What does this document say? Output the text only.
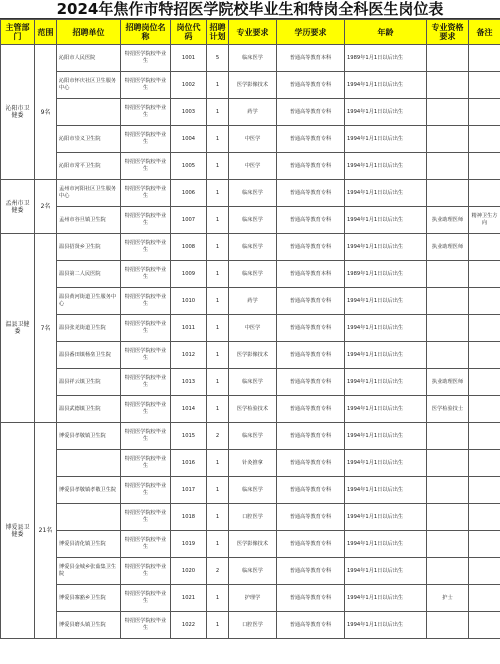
2024年焦作市特招医学院校毕业生和特岗全科医生岗位表
主管部门	范围	招聘单位	招聘岗位名称	岗位代码	招聘计划	专业要求	学历要求	年龄	专业资格要求	备注
沁阳市卫健委	9名	沁阳市人民医院	特招医学院校毕业生	1001	5	临床医学	普通高等教育本科	1989年1月1日以后出生		
		沁阳市怀庆社区卫生服务中心	特招医学院校毕业生	1002	1	医学影像技术	普通高等教育专科	1994年1月1日以后出生		
			特招医学院校毕业生	1003	1	药学	普通高等教育专科	1994年1月1日以后出生		
		沁阳市崇义卫生院	特招医学院校毕业生	1004	1	中医学	普通高等教育专科	1994年1月1日以后出生		
		沁阳市常平卫生院	特招医学院校毕业生	1005	1	中医学	普通高等教育专科	1994年1月1日以后出生		
孟州市卫健委	2名	孟州市河阳社区卫生服务中心	特招医学院校毕业生	1006	1	临床医学	普通高等教育专科	1994年1月1日以后出生		
		孟州市谷旦镇卫生院	特招医学院校毕业生	1007	1	临床医学	普通高等教育专科	1994年1月1日以后出生	执业助理医师	精神卫生方向
温县卫健委	7名	温县招贤乡卫生院	特招医学院校毕业生	1008	1	临床医学	普通高等教育专科	1994年1月1日以后出生	执业助理医师	
		温县第二人民医院	特招医学院校毕业生	1009	1	临床医学	普通高等教育本科	1989年1月1日以后出生		
		温县黄河街道卫生服务中心	特招医学院校毕业生	1010	1	药学	普通高等教育专科	1994年1月1日以后出生		
		温县张羌街道卫生院	特招医学院校毕业生	1011	1	中医学	普通高等教育专科	1994年1月1日以后出生		
		温县番田镇杨垒卫生院	特招医学院校毕业生	1012	1	医学影像技术	普通高等教育专科	1994年1月1日以后出生		
		温县祥云镇卫生院	特招医学院校毕业生	1013	1	临床医学	普通高等教育专科	1994年1月1日以后出生	执业助理医师	
		温县武德镇卫生院	特招医学院校毕业生	1014	1	医学检验技术	普通高等教育专科	1994年1月1日以后出生	医学检验技士	
博爱县卫健委	21名	博爱县孝敬镇卫生院	特招医学院校毕业生	1015	2	临床医学	普通高等教育专科	1994年1月1日以后出生		
			特招医学院校毕业生	1016	1	针灸推拿	普通高等教育专科	1994年1月1日以后出生		
		博爱县孝敬镇孝敬卫生院	特招医学院校毕业生	1017	1	临床医学	普通高等教育专科	1994年1月1日以后出生		
			特招医学院校毕业生	1018	1	口腔医学	普通高等教育专科	1994年1月1日以后出生		
		博爱县清化镇卫生院	特招医学院校毕业生	1019	1	医学影像技术	普通高等教育专科	1994年1月1日以后出生		
		博爱县金城乡张茹集卫生院	特招医学院校毕业生	1020	2	临床医学	普通高等教育专科	1994年1月1日以后出生		
		博爱县寨豁乡卫生院	特招医学院校毕业生	1021	1	护理学	普通高等教育专科	1994年1月1日以后出生	护士	
		博爱县磨头镇卫生院	特招医学院校毕业生	1022	1	口腔医学	普通高等教育专科	1994年1月1日以后出生		
